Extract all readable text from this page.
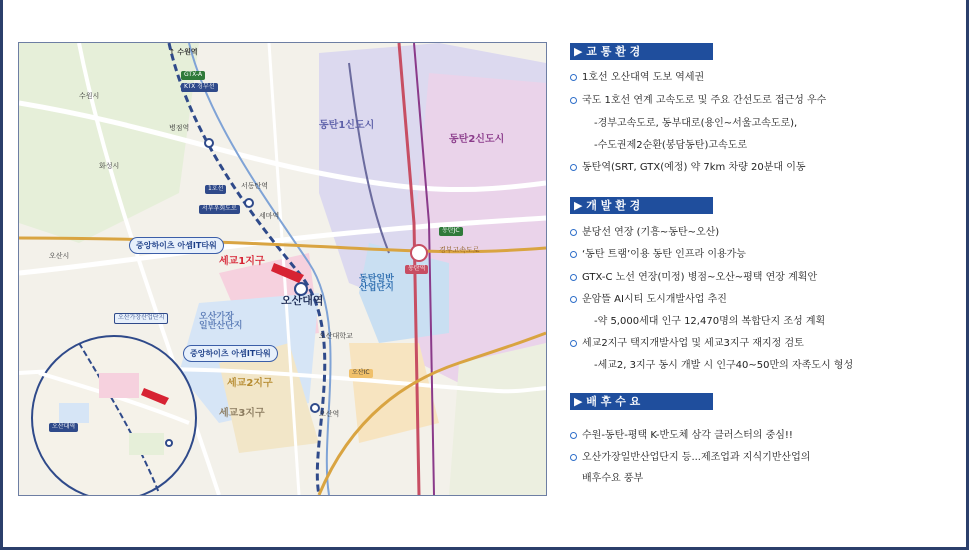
↑ 수원역
GTX-A
KTX 경부선
동탄1신도시
동탄2신도시
세교1지구
오산대역
동탄일반
산업단지
오산가장
일반산단지
세교2지구
세교3지구
1호선
서부우회도로
병점역
서동탄역
오산역
오산시
오산IC
동탄역
수원시
화성시
오산대학교
동탄JC
경부고속도로
세마역
중앙하이츠 아셈IT타워
중앙하이츠 아셈IT타워
오산대역
오산가장산업단지
▶ 교 통 환 경
1호선 오산대역 도보 역세권
국도 1호선 연계 고속도로 및 주요 간선도로 접근성 우수
-경부고속도로, 동부대로(용인~서울고속도로),
-수도권제2순환(봉담동탄)고속도로
동탄역(SRT, GTX(예정) 약 7km 차량 20분대 이동
▶ 개 발 환 경
분당선 연장 (기흥~동탄~오산)
‘동탄 트램’이용 동탄 인프라 이용가능
GTX-C 노선 연장(미정) 병점~오산~평택 연장 계획안
운암뜰 AI시티 도시개발사업 추진
-약 5,000세대 인구 12,470명의 복합단지 조성 계획
세교2지구 택지개발사업 및 세교3지구 재지정 검토
-세교2, 3지구 동시 개발 시 인구40~50만의 자족도시 형성
▶ 배 후 수 요
수원-동탄-평택 K-반도체 삼각 클러스터의 중심!!
오산가장일반산업단지 등...제조업과 지식기반산업의
배후수요 풍부
